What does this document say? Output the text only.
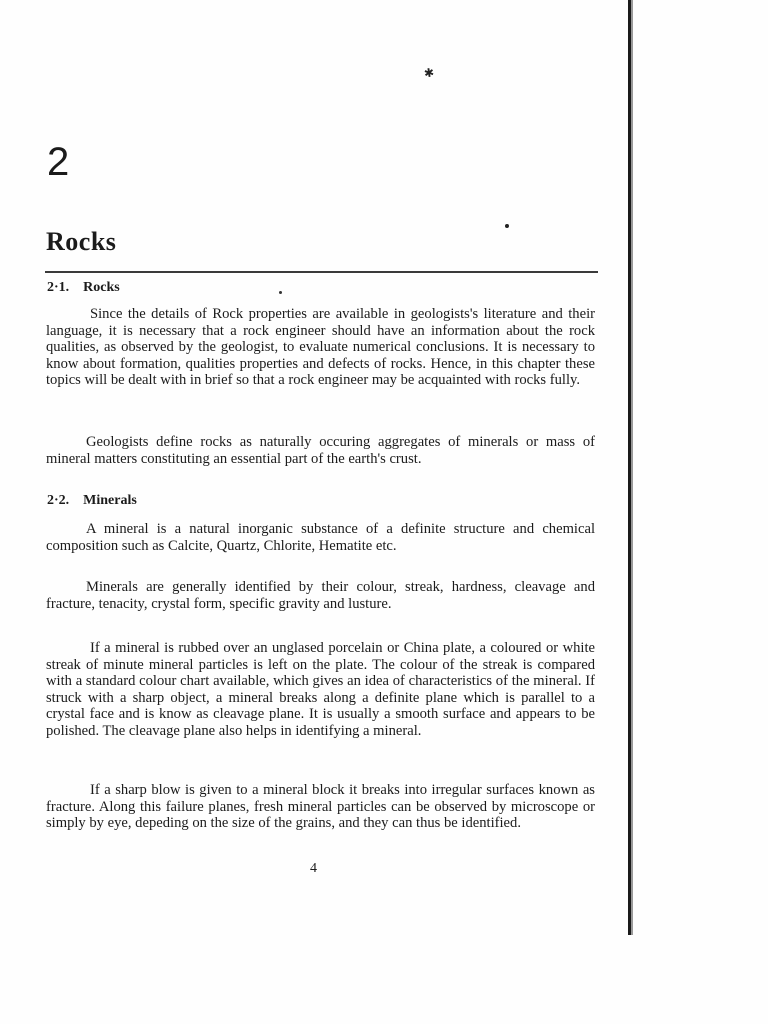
✱
2
Rocks
2·1. Rocks

Since the details of Rock properties are available in geologists's literature and their language, it is necessary that a rock engineer should have an information about the rock qualities, as observed by the geologist, to evaluate numerical conclusions. It is necessary to know about formation, qualities properties and defects of rocks. Hence, in this chapter these topics will be dealt with in brief so that a rock engineer may be acquainted with rocks fully.

Geologists define rocks as naturally occuring aggregates of minerals or mass of mineral matters constituting an essential part of the earth's crust.

2·2. Minerals

A mineral is a natural inorganic substance of a definite structure and chemical composition such as Calcite, Quartz, Chlorite, Hematite etc.

Minerals are generally identified by their colour, streak, hardness, cleavage and fracture, tenacity, crystal form, specific gravity and lusture.

If a mineral is rubbed over an unglased porcelain or China plate, a coloured or white streak of minute mineral particles is left on the plate. The colour of the streak is compared with a standard colour chart available, which gives an idea of characteristics of the mineral. If struck with a sharp object, a mineral breaks along a definite plane which is parallel to a crystal face and is know as cleavage plane. It is usually a smooth surface and appears to be polished. The cleavage plane also helps in identifying a mineral.

If a sharp blow is given to a mineral block it breaks into irregular surfaces known as fracture. Along this failure planes, fresh mineral particles can be observed by microscope or simply by eye, depeding on the size of the grains, and they can thus be identified.

4
